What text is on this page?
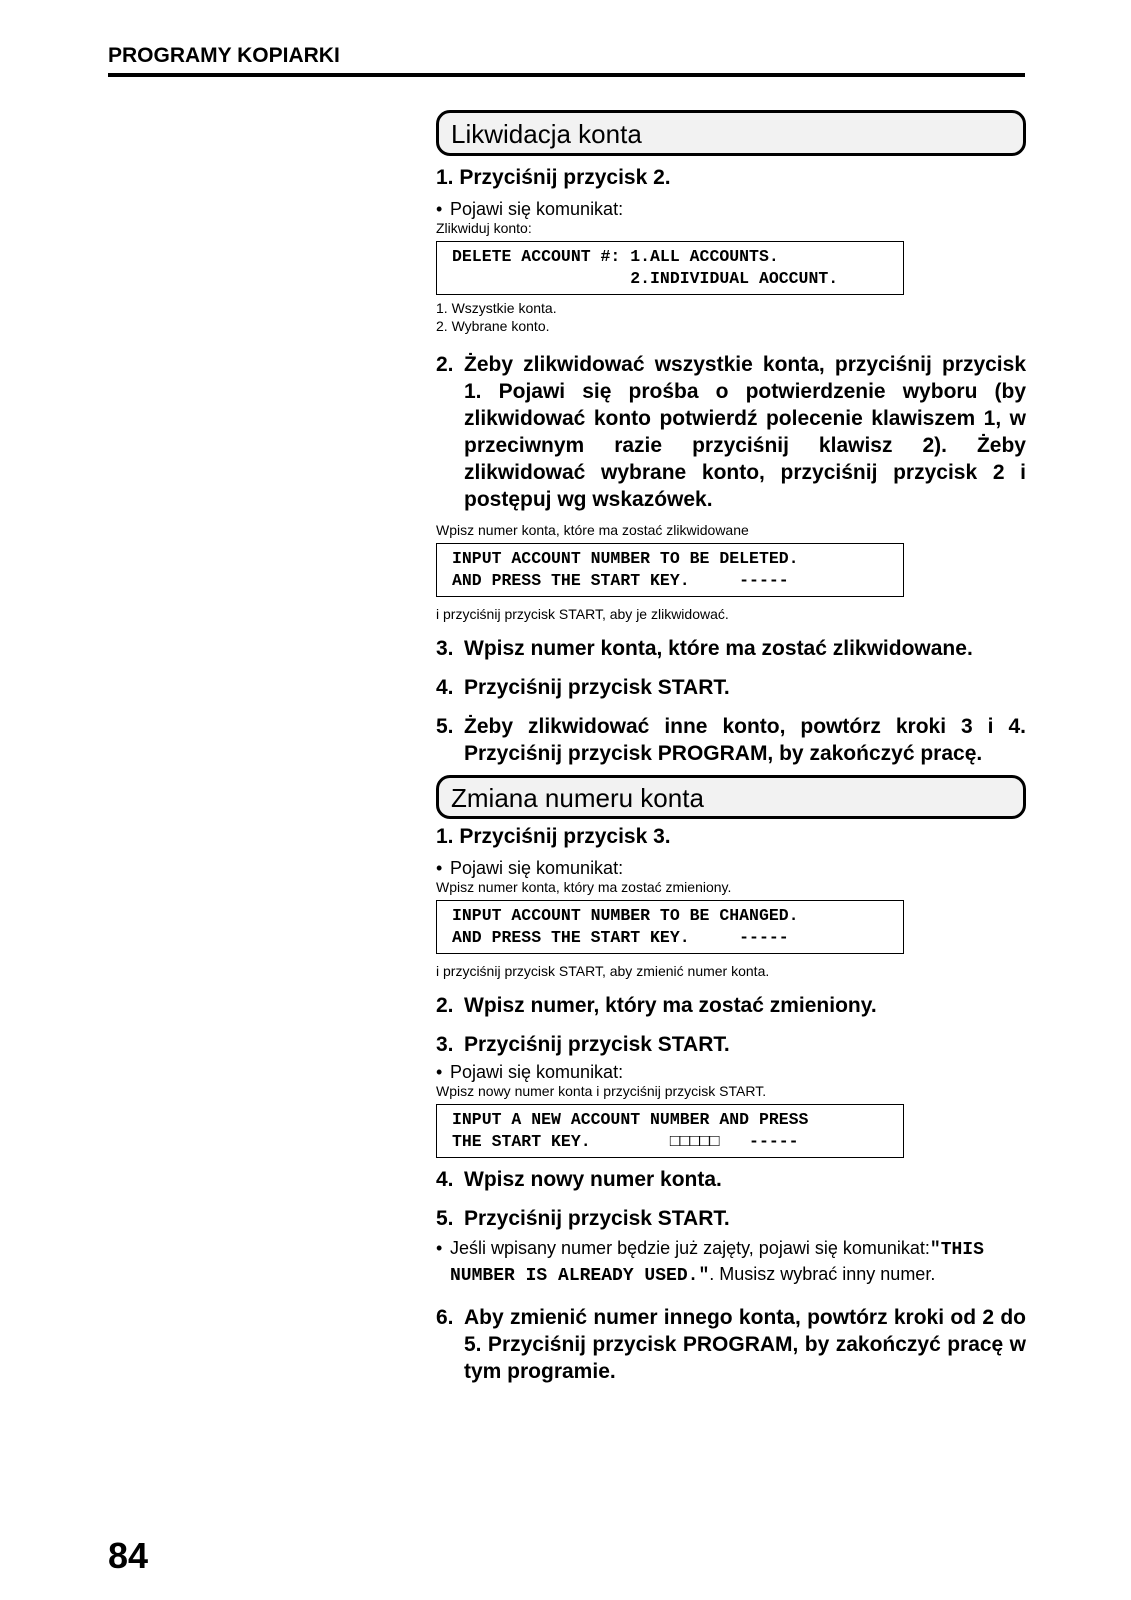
PROGRAMY KOPIARKI
Likwidacja konta
1. Przyciśnij przycisk 2.
• Pojawi się komunikat:
Zlikwiduj konto:
DELETE ACCOUNT #: 1.ALL ACCOUNTS.
2.INDIVIDUAL AOCCUNT.
1. Wszystkie konta.
2. Wybrane konto.
2. Żeby zlikwidować wszystkie konta, przyciśnij przycisk 1. Pojawi się prośba o potwierdzenie wyboru (by zlikwidować konto potwierdź polecenie klawiszem 1, w przeciwnym razie przyciśnij klawisz 2). Żeby zlikwidować wybrane konto, przyciśnij przycisk 2 i postępuj wg wskazówek.
Wpisz numer konta, które ma zostać zlikwidowane
INPUT ACCOUNT NUMBER TO BE DELETED.
AND PRESS THE START KEY.     -----
i przyciśnij przycisk START, aby je zlikwidować.
3. Wpisz numer konta, które ma zostać zlikwidowane.
4. Przyciśnij przycisk START.
5. Żeby zlikwidować inne konto, powtórz kroki 3 i 4. Przyciśnij przycisk PROGRAM, by zakończyć pracę.
Zmiana numeru konta
1. Przyciśnij przycisk 3.
• Pojawi się komunikat:
Wpisz numer konta, który ma zostać zmieniony.
INPUT ACCOUNT NUMBER TO BE CHANGED.
AND PRESS THE START KEY.     -----
i przyciśnij przycisk START, aby zmienić numer konta.
2. Wpisz numer, który ma zostać zmieniony.
3. Przyciśnij przycisk START.
• Pojawi się komunikat:
Wpisz nowy numer konta i przyciśnij przycisk START.
INPUT A NEW ACCOUNT NUMBER AND PRESS
THE START KEY.        □□□□□   -----
4. Wpisz nowy numer konta.
5. Przyciśnij przycisk START.
• Jeśli wpisany numer będzie już zajęty, pojawi się komunikat:"THIS NUMBER IS ALREADY USED.". Musisz wybrać inny numer.
6. Aby zmienić numer innego konta, powtórz kroki od 2 do 5. Przyciśnij przycisk PROGRAM, by zakończyć pracę w tym programie.
84
